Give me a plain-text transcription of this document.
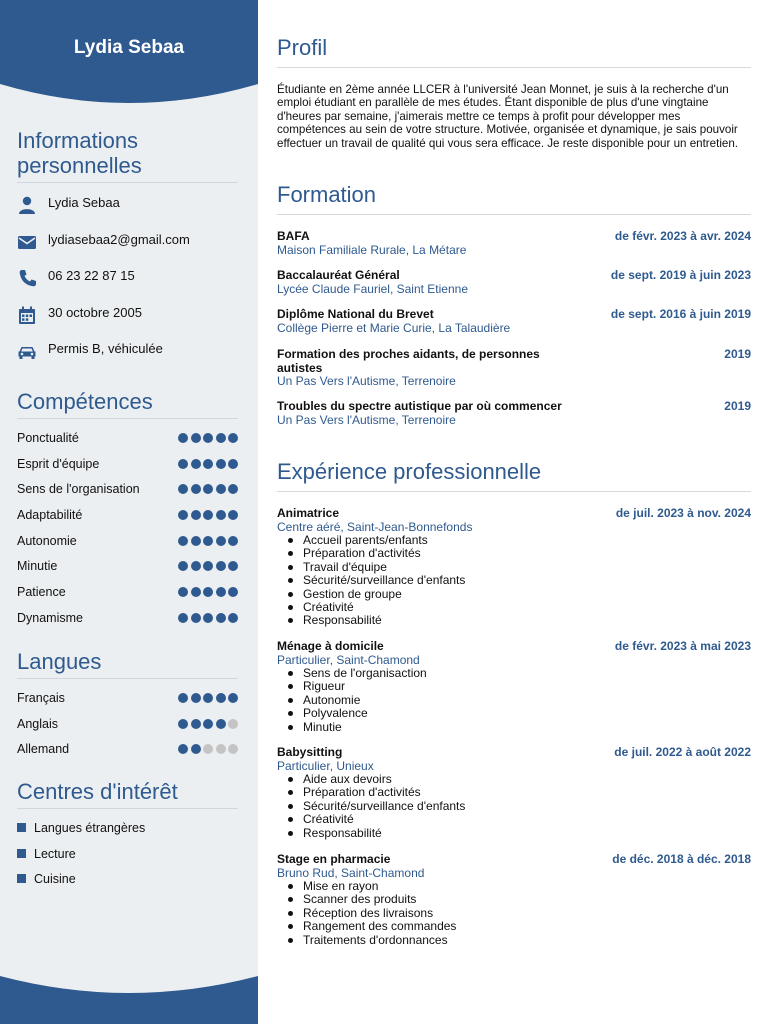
Lydia Sebaa
Informations personnelles
Lydia Sebaa
lydiasebaa2@gmail.com
06 23 22 87 15
30 octobre 2005
Permis B, véhiculée
Compétences
Ponctualité
Esprit d'équipe
Sens de l'organisation
Adaptabilité
Autonomie
Minutie
Patience
Dynamisme
Langues
Français
Anglais
Allemand
Centres d'intérêt
Langues étrangères
Lecture
Cuisine
Profil

Étudiante en 2ème année LLCER à l'université Jean Monnet, je suis à la recherche d'un emploi étudiant en parallèle de mes études. Étant disponible de plus d'une vingtaine d'heures par semaine, j'aimerais mettre ce temps à profit pour développer mes compétences au sein de votre structure. Motivée, organisée et dynamique, je sais pouvoir effectuer un travail de qualité qui vous sera efficace. Je reste disponible pour un entretien.

Formation
BAFA	de févr. 2023 à avr. 2024
Maison Familiale Rurale, La Métare
Baccalauréat Général	de sept. 2019 à juin 2023
Lycée Claude Fauriel, Saint Etienne
Diplôme National du Brevet	de sept. 2016 à juin 2019
Collège Pierre et Marie Curie, La Talaudière
Formation des proches aidants, de personnes autistes
2019
Un Pas Vers l'Autisme, Terrenoire
Troubles du spectre autistique par où commencer	2019
Un Pas Vers l'Autisme, Terrenoire
Expérience professionnelle
Animatrice	de juil. 2023 à nov. 2024
Centre aéré, Saint-Jean-Bonnefonds
Accueil parents/enfants
Préparation d'activités
Travail d'équipe
Sécurité/surveillance d'enfants
Gestion de groupe
Créativité
Responsabilité
Ménage à domicile	de févr. 2023 à mai 2023
Particulier, Saint-Chamond
Sens de l'organisaction
Rigueur
Autonomie
Polyvalence
Minutie
Babysitting	de juil. 2022 à août 2022
Particulier, Unieux
Aide aux devoirs
Préparation d'activités
Sécurité/surveillance d'enfants
Créativité
Responsabilité
Stage en pharmacie	de déc. 2018 à déc. 2018
Bruno Rud, Saint-Chamond
Mise en rayon
Scanner des produits
Réception des livraisons
Rangement des commandes
Traitements d'ordonnances
